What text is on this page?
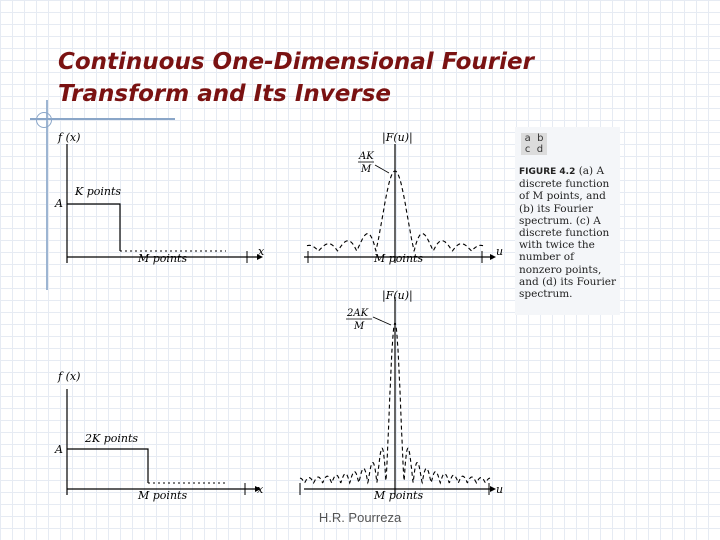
Continuous One-Dimensional Fourier
Transform and Its Inverse
a  b
c  d
FIGURE 4.2 (a) A discrete function of M points, and (b) its Fourier spectrum. (c) A discrete function with twice the number of nonzero points, and (d) its Fourier spectrum.
f (x)
A
K points
M points
x
|F(u)|
AK
M
M points
u
f (x)
A
2K points
M points	x
|F(u)|
2AK
M
M points	u
H.R. Pourreza
